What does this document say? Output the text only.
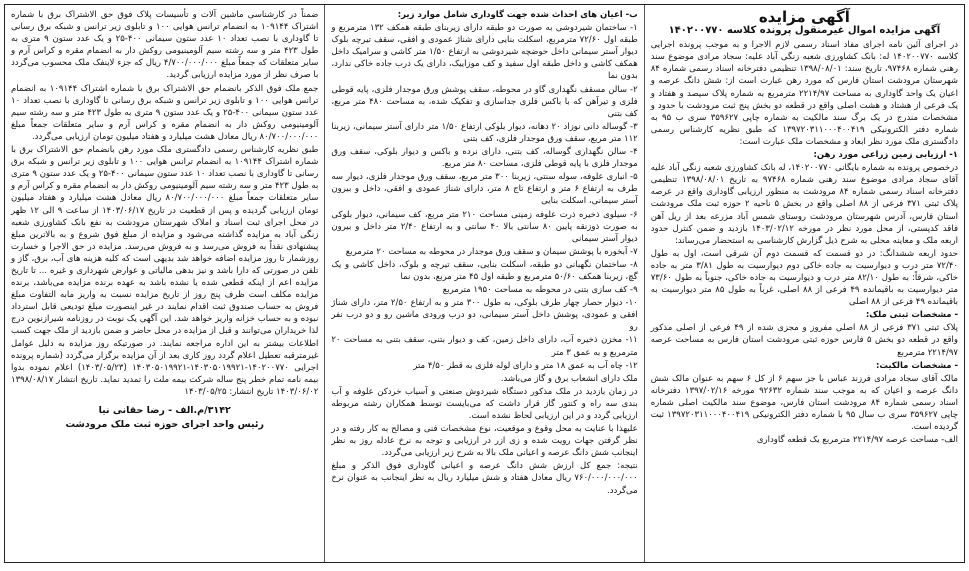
آگهی مزایده
آگهی مزایده اموال غیرمنقول پرونده کلاسه ۱۴۰۲۰۰۷۷۰

در اجرای آئین نامه اجرای مفاد اسناد رسمی لازم الاجرا و به موجب پرونده اجرایی کلاسه ۱۴۰۲۰۰۷۷۰ له: بانک کشاورزی شعبه زنگی آباد علیه: سجاد مرادی موضوع سند رهنی شماره ۹۷۴۶۸، تاریخ سند: ۱۳۹۸/۰۸/۰۱ تنظیمی دفترخانه اسناد رسمی شماره ۸۴ شهرستان مرودشت استان فارس که مورد رهن عبارت است از: شش دانگ عرصه و اعیان یک واحد گاوداری به مساحت ۲۲۱۴/۹۷ مترمربع به شماره پلاک سیصد و هفتاد و یک فرعی از هشتاد و هشت اصلی واقع در قطعه دو بخش پنج ثبت مرودشت با حدود و مشخصات مندرج در یک برگ سند مالکیت به شماره چاپی ۳۵۹۶۲۷ سری ب ۹۵ به شماره دفتر الکترونیکی ۱۳۹۷۲۰۳۱۱۰۰۰۴۰۰۴۱۹ که طبق نظریه کارشناس رسمی دادگستری ملک مورد نظر ابعاد و مشخصات ملک عبارت است:

۱- ارزیابی زمین زراعی مورد رهن:

درخصوص پرونده به شماره بایگانی ۱۴۰۲۰۰۷۷۰، له بانک کشاورزی شعبه زنگی آباد علیه آقای سجاد مرادی موضوع سند رهنی شماره ۹۷۴۶۸ به تاریخ ۱۳۹۸/۰۸/۰۱ تنظیمی دفترخانه اسناد رسمی شماره ۸۴ مرودشت به منظور ارزیابی گاوداری واقع در عرصه پلاک ثبتی ۳۷۱ فرعی از ۸۸ اصلی واقع در بخش ۵ ناحیه ۲ حوزه ثبت ملک مرودشت استان فارس، آدرس شهرستان مرودشت روستای شمس آباد مزرعه بعد از ریل آهن فاقد کدپستی، از محل مورد نظر در مورخه ۱۴۰۳/۰۲/۱۲ بازدید و ضمن کنترل حدود اربعه ملک و معاینه محلی به شرح ذیل گزارش کارشناسی به استحضار می‌رساند:

حدود اربعه ششدانگ: در دو قسمت که قسمت دوم آن شرقی است، اول به طول ۷۲/۴۰ متر درب و دیوارسیت به جاده خاکی دوم دیوارسیت به طول ۳/۸۱ متر به جاده خاکی، شرقاً: به طول ۸۲/۱۰ متر درب و دیوارسیت به جاده خاکی، جنوباً به طول ۷۳/۶۰ متر دیوارسیت به باقیمانده ۴۹ فرعی از ۸۸ اصلی، غرباً به طول ۸۵ متر دیوارسیت به باقیمانده ۴۹ فرعی از ۸۸ اصلی

- مشخصات ثبتی ملک:

پلاک ثبتی ۳۷۱ فرعی از ۸۸ اصلی مفروز و مجزی شده از ۴۹ فرعی از اصلی مذکور واقع در قطعه دو بخش ۵ فارس حوزه ثبتی مرودشت استان فارس به مساحت عرصه ۲۲۱۴/۹۷ مترمربع

- مشخصات مالکیت:

مالک آقای سجاد مرادی فرزند عباس با جز سهم ۶ از کل ۶ سهم به عنوان مالک شش دانگ عرصه و اعیان که به موجب سند شماره ۹۲۶۳۲ مورخه ۱۳۹۷/۰۲/۱۶ دفترخانه اسناد رسمی شماره ۸۴ مرودشت استان فارس، موضوع سند مالکیت اصلی شماره چاپی ۳۵۹۶۲۷ سری ب سال ۹۵ با شماره دفتر الکترونیکی ۱۳۹۷۲۰۳۱۱۰۰۰۴۰۰۴۱۹ ثبت گردیده است.

الف- مساحت عرصه ۲۲۱۴/۹۷ مترمربع یک قطعه گاوداری

ب- اعیان های احداث شده جهت گاوداری شامل موارد زیر:

۱- ساختمان شیردوشی به صورت دو طبقه دارای زیربنای طبقه همکف ۱۳۲ مترمربع و طبقه اول ۷۲/۶۰ مترمربع، اسکلت بنایی دارای شناژ عمودی و افقی، سقف تیرچه بلوک دیوار آستر سیمانی داخل حوضچه شیردوشی به ارتفاع ۱/۵۰ متر کاشی و سرامیک داخل همکف کاشی و داخل طبقه اول سفید و کف موزاییک، دارای یک درب جاده خاکی ندارد، بدون نما

۲- سالن مسقف نگهداری گاو در محوطه، سقف پوشش ورق موجدار فلزی، پایه قوطی فلزی و تیرآهن که با باکس فلزی جداسازی و تفکیک شده، به مساحت ۴۸۰ متر مربع، کف بتنی

۳- گوساله دانی نوزاد ۲۰ دهانه، دیوار بلوکی ارتفاع ۱/۵۰ متر دارای آستر سیمانی، زیربنا ۱۱۲ متر مربع، سقف ورق موجدار فلزی، کف بتنی

۴- سالن نگهداری گوساله، کف بتنی، دارای نرده و باکس و دیوار بلوکی، سقف ورق موجدار فلزی با پایه قوطی فلزی، مساحت ۸۰ متر مربع.

۵- انباری علوفه، سوله سنتی، زیربنا ۳۰۰ متر مربع، سقف ورق موجدار فلزی، دیوار سه طرف به ارتفاع ۶ متر و ارتفاع تاج ۸ متر، دارای شناژ عمودی و افقی، داخل و بیرون آستر سیمانی، اسکلت بنایی

۶- سیلوی ذخیره ذرت علوفه زمینی مساحت ۲۱۰ متر مربع، کف سیمانی، دیوار بلوکی به صورت ذوزنقه پایین ۸۰ سانتی بالا ۴۰ سانتی و به ارتفاع ۲/۴۰ متر داخل و بیرون دیوار آستر سیمانی

۷- آبخوره با پوشش سیمان و سقف ورق موجدار در محوطه به مساحت ۲۰ مترمربع

۸- ساختمان نگهبانی دو طبقه، اسکلت بنایی، سقف تیرچه و بلوک، داخل کاشی و یک گچ، زیربنا همکف ۵۰/۶۰ مترمربع و طبقه اول ۴۵ متر مربع، بدون نما

۹- کف سازی بتنی در محوطه به مساحت ۱۹۵۰ مترمربع

۱۰- دیوار حصار چهار طرف بلوکی، به طول ۳۰۰ متر و به ارتفاع ۲/۵۰ متر، دارای شناژ افقی و عمودی، پوشش داخل آستر سیمانی، دو درب ورودی ماشین رو و دو درب نفر رو

۱۱- مخزن ذخیره آب، دارای داخل زمین، کف و دیوار بتنی، سقف بتنی به مساحت ۲۰ مترمربع و به عمق ۳ متر

۱۲- چاه آب به عمق ۱۸ متر و دارای لوله فلزی به قطر ۴/۵۰ متر

ملک دارای انشعاب برق و گاز می‌باشد.

در زمان بازدید در ملک مذکور دستگاه شیردوش صنعتی و آسیاب خردکن علوفه و آب بندی سه راه و کنتور گاز قرار داشت که می‌بایست توسط همکاران رشته مربوطه ارزیابی گردد و در این ارزیابی لحاظ نشده است.

علیهذا با عنایت به محل وقوع و موقعیت، نوع مشخصات فنی و مصالح به کار رفته و در نظر گرفتن جهات رویت شده و زی ازر در ارزیابی و توجه به نرخ عادله روز به نظر اینجانب شش دانگ عرصه و اعیانی ملک بالا به شرح زیر ارزیابی می‌گردد.

نتیجه: جمع کل ارزش شش دانگ عرصه و اعیانی گاوداری فوق الذکر و مبلغ ۷۶۰/۰۰۰/۰۰۰/۰۰۰ ریال معادل هفتاد و شش میلیارد ریال به نظر اینجانب به عنوان نرخ می‌گردد.

ضمناً در کارشناسی ماشین آلات و تأسیسات پلاک فوق حق الاشتراک برق با شماره اشتراک ۱۰۹۱۴۴ به انضمام ترانس هوایی ۱۰۰ و تابلوی زیر ترانس و شبکه برق رسانی تا گاوداری با نصب تعداد ۱۰ عدد ستون سیمانی ۴۰۰-۲۵ و یک عدد ستون ۹ متری به طول ۴۲۳ متر و سه رشته سیم آلومینیومی روکش دار به انضمام مقره و کراس آرم و سایر متعلقات که جمعاً مبلغ ۴/۷۰۰/۰۰۰/۰۰۰ ریال که جزء لاینفک ملک محسوب می‌گردد با صرف نظر از مورد مزایده ارزیابی گردید.

جمع ملک فوق الذکر بانضمام حق الاشتراک برق با شماره اشتراک ۱۰۹۱۴۴ به انضمام ترانس هوایی ۱۰۰ و تابلوی زیر ترانس و شبکه برق رسانی تا گاوداری با نصب تعداد ۱۰ عدد ستون سیمانی ۴۰۰-۲۵ و یک عدد ستون ۹ متری به طول ۴۲۳ متر و سه رشته سیم آلومینیومی روکش دار به انضمام مقره و کراس آرم و سایر متعلقات جمعاً مبلغ ۸۰/۷۰۰/۰۰۰/۰۰۰ ریال معادل هشت میلیارد و هفتاد میلیون تومان ارزیابی می‌گردد.

طبق نظریه کارشناس رسمی دادگستری ملک مورد رهن بانضمام حق الاشتراک برق با شماره اشتراک ۱۰۹۱۴۴ به انضمام ترانس هوایی ۱۰۰ و تابلوی زیر ترانس و شبکه برق رسانی تا گاوداری با نصب تعداد ۱۰ عدد ستون سیمانی ۴۰۰-۲۵ و یک عدد ستون ۹ متری به طول ۴۲۳ متر و سه رشته سیم آلومینیومی روکش دار به انضمام مقره و کراس آرم و سایر متعلقات جمعاً مبلغ ۸۰/۷۰۰/۰۰۰/۰۰۰ ریال معادل هشت میلیارد و هفتاد میلیون تومان ارزیابی گردیده و پس از قطعیت در تاریخ ۱۴۰۳/۰۶/۱۷ از ساعت ۹ الی ۱۲ ظهر در محل اجرای ثبت اسناد و املاک شهرستان مرودشت به نفع بانک کشاورزی شعبه زنگی آباد به مزایده گذاشته می‌شود و مزایده از مبلغ فوق شروع و به بالاترین مبلغ پیشنهادی نقداً به فروش می‌رسد و به فروش می‌رسد. مزایده در حق الاجرا و خسارت روزشمار تا روز مزایده اضافه خواهد شد بدیهی است که کلیه هزینه های آب، برق، گاز و تلفن در صورتی که دارا باشد و نیز بدهی مالیاتی و عوارض شهرداری و غیره ... تا تاریخ مزایده اعم از اینکه قطعی شده یا نشده باشد به عهده برنده مزایده می‌باشد، برنده مزایده مکلف است ظرف پنج روز از تاریخ مزایده نسبت به واریز مابه التفاوت مبلغ فروش به حساب صندوق ثبت اقدام نمایند در غیر اینصورت مبلغ تودیعی قابل استرداد نبوده و به حساب خزانه واریز خواهد شد. این آگهی یک نوبت در روزنامه شیرازنوین درج لذا خریداران می‌توانند و قبل از مزایده در محل حاضر و ضمن بازدید از ملک جهت کسب اطلاعات بیشتر به این اداره مراجعه نمایند. در صورتیکه روز مزایده به دلیل عوامل غیرمترقبه تعطیل اعلام گردد روز کاری بعد از آن مزایده برگزار می‌گردد (شماره پرونده اجرایی ۱۴۰۲۰۰۷۷۰-۱۴۰۳۰۵۰۱۹۹۲۱-۱۴۰۳۰۵۰۱۹۹۲۱ (۱۴۰۳/۰۵/۲۳) اعلام نموده بدوا بیمه نامه تمام خطر پنج ساله شرکت بیمه ملت را تمدید نماید. تاریخ انتشار ۱۳۹۸/۰۸/۱۷ ۱۴۰۳/۰۶/۰۲ تاریخ انتشار: ۱۴۰۳/۰۵/۲۵

۳۱۴۲/م.الف - رضا حقانی نیا
رئیس واحد اجرای حوزه ثبت ملک مرودشت
